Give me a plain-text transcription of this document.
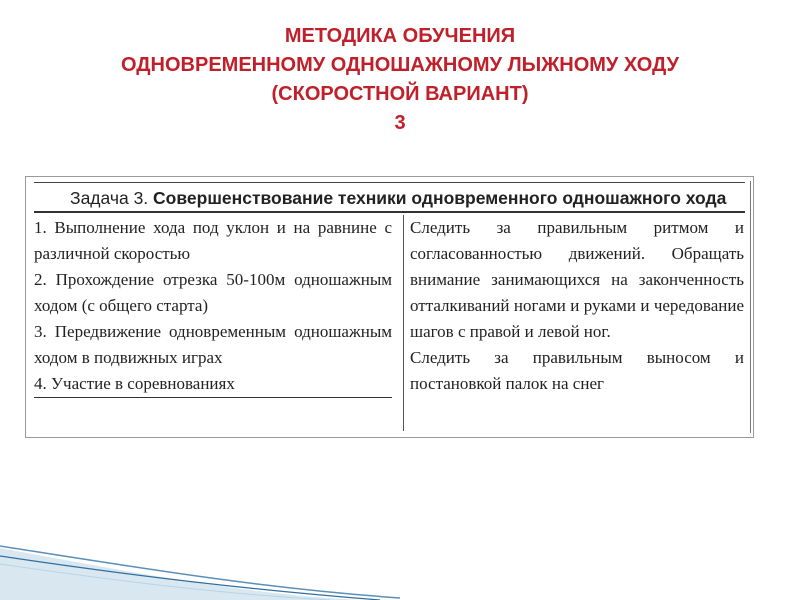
МЕТОДИКА ОБУЧЕНИЯ
ОДНОВРЕМЕННОМУ ОДНОШАЖНОМУ ЛЫЖНОМУ ХОДУ
(СКОРОСТНОЙ ВАРИАНТ)
3
Задача 3. Совершенствование техники одновременного одношажного хода

1. Выполнение хода под уклон и на равнине с различной скоростью

2. Прохождение отрезка 50-100м одношажным ходом (с общего старта)

3. Передвижение одновременным одношажным ходом в подвижных играх

4. Участие в соревнованиях

Следить за правильным ритмом и согласованностью движений. Обращать внимание занимающихся на законченность отталкиваний ногами и руками и чередование шагов с правой и левой ног.

Следить за правильным выносом и постановкой палок на снег
